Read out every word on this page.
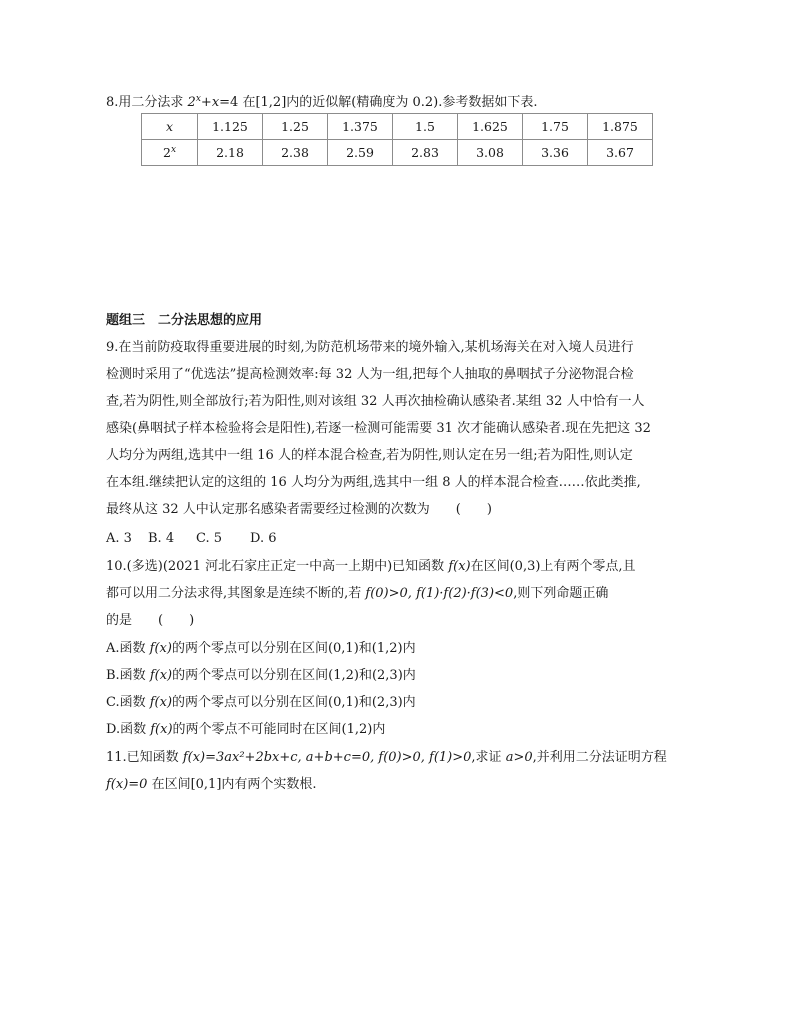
8.用二分法求 $2^x+x=4$ 在[1,2]内的近似解(精确度为 0.2).参考数据如下表.
x	1.125	1.25	1.375	1.5	1.625	1.75	1.875
2$^x$	2.18	2.38	2.59	2.83	3.08	3.36	3.67
题组三　二分法思想的应用
9.在当前防疫取得重要进展的时刻,为防范机场带来的境外输入,某机场海关在对入境人员进行
检测时采用了“优选法”提高检测效率:每 32 人为一组,把每个人抽取的鼻咽拭子分泌物混合检
查,若为阴性,则全部放行;若为阳性,则对该组 32 人再次抽检确认感染者.某组 32 人中恰有一人
感染(鼻咽拭子样本检验将会是阳性),若逐一检测可能需要 31 次才能确认感染者.现在先把这 32
人均分为两组,选其中一组 16 人的样本混合检查,若为阴性,则认定在另一组;若为阳性,则认定
在本组.继续把认定的这组的 16 人均分为两组,选其中一组 8 人的样本混合检查……依此类推,
最终从这 32 人中认定那名感染者需要经过检测的次数为　　(　　)
A. 3 B. 4 C. 5 D. 6
10.(多选)(2021 河北石家庄正定一中高一上期中)已知函数 f(x)在区间(0,3)上有两个零点,且
都可以用二分法求得,其图象是连续不断的,若 f(0)>0, f(1)·f(2)·f(3)<0,则下列命题正确
的是　　(　　)
A.函数 f(x)的两个零点可以分别在区间(0,1)和(1,2)内
B.函数 f(x)的两个零点可以分别在区间(1,2)和(2,3)内
C.函数 f(x)的两个零点可以分别在区间(0,1)和(2,3)内
D.函数 f(x)的两个零点不可能同时在区间(1,2)内
11.已知函数 f(x)=3ax²+2bx+c, a+b+c=0, f(0)>0, f(1)>0,求证 a>0,并利用二分法证明方程
f(x)=0 在区间[0,1]内有两个实数根.
